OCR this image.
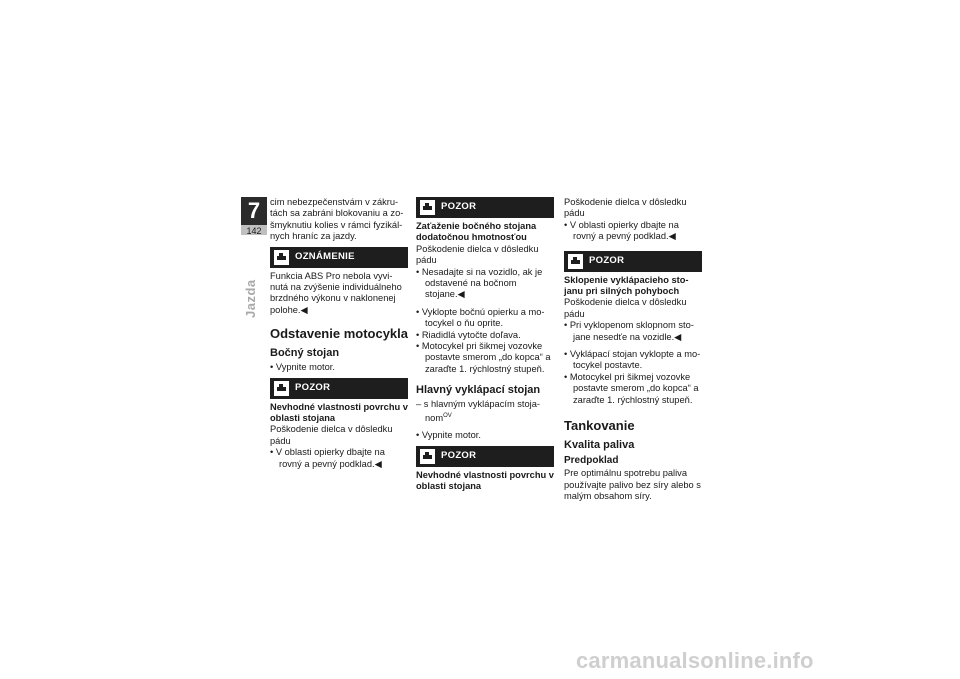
7
142
Jazda

cim nebezpečenstvám v zákru-tách sa zabráni blokovaniu a zo-šmyknutiu kolies v rámci fyzikál-nych hraníc za jazdy.

OZNÁMENIE

Funkcia ABS Pro nebola vyvi-nutá na zvýšenie individuálneho brzdného výkonu v naklonenej polohe.◀

Odstavenie motocykla
Bočný stojan

• Vypnite motor.

POZOR

Nevhodné vlastnosti povrchu v oblasti stojana

Poškodenie dielca v dôsledku pádu

• V oblasti opierky dbajte na rovný a pevný podklad.◀

POZOR

Zaťaženie bočného stojana dodatočnou hmotnosťou

Poškodenie dielca v dôsledku pádu

• Nesadajte si na vozidlo, ak je odstavené na bočnom stojane.◀

• Vyklopte bočnú opierku a mo-tocykel o ňu oprite.

• Riadidlá vytočte doľava.

• Motocykel pri šikmej vozovke postavte smerom „do kopca“ a zaraďte 1. rýchlostný stupeň.

Hlavný vyklápací stojan

– s hlavným vyklápacím stoja-nom$^{OV}$

• Vypnite motor.

POZOR

Nevhodné vlastnosti povrchu v oblasti stojana

Poškodenie dielca v dôsledku pádu

• V oblasti opierky dbajte na rovný a pevný podklad.◀

POZOR

Sklopenie vyklápacieho sto-janu pri silných pohyboch

Poškodenie dielca v dôsledku pádu

• Pri vyklopenom sklopnom sto-jane nesedťe na vozidle.◀

• Vyklápací stojan vyklopte a mo-tocykel postavte.

• Motocykel pri šikmej vozovke postavte smerom „do kopca“ a zaraďte 1. rýchlostný stupeň.

Tankovanie
Kvalita paliva
Predpoklad

Pre optimálnu spotrebu paliva používajte palivo bez síry alebo s malým obsahom síry.

carmanualsonline.info
